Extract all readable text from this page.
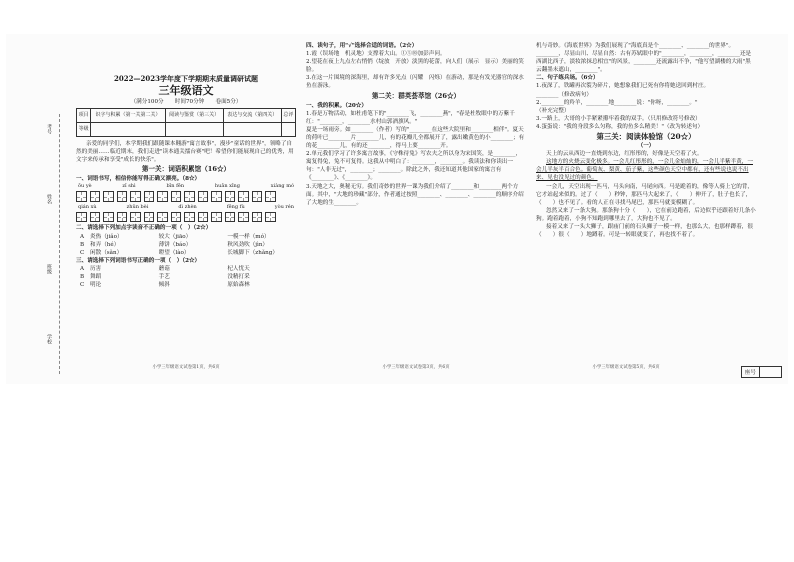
考号
姓名
班级
学校
2022—2023学年度下学期期末质量调研试题
三年级语文
（满分100分　　时间70分钟　　卷面5分）
项目	识字与积累（第一关第二关）	阅读与鉴赏（第三关）	表达与交流（第四关）	总评
等级				
亲爱的同学们，本学期我们跟随课本翱游"寓言故事"，漫步"童话的世界"，领略了自然的美丽……临近期末，我们走进"读本通关擂台赛"吧！希望你们能展现自己的优秀，用文字来传承和享受"成长的快乐"。
第一关：词语积累馆（16☆）
一、词语书写，相信你能写得正确又漂亮。（8☆）
ōu yè	zǐ shì	bīn fēn	huān xīng	xiàng mó
qián xù	zhǔn bèi	dì zhèn	fēng fù	yòu rén
二、请选择下列加点字读音不正确的一项（　）（2☆）
A	炎热（jiǎo）	较大（jiāo）	一模一样（mó）
B	和弄（hé）	薄饼（báo）	秋风劲吹（jìn）
C	闲散（sǎn）	瞪望（lào）	长城脚下（zhǎng）
三、请选择下列词语书写正确的一项（　）（2☆）
A	历害	蘑菇	杞人忧天
B	舞蹈	手艺	没精打采
C	明论	倾斜	原始森林
小学三年级语文试卷第1页，共6页
四、读句子，用"√"选择合适的词语。（2☆）
1.霞（误场地　机灵地）支撑着大山。①⑤⑩加彭声问。
2.望花在夜上九点左右悄悄（绽放　开放）淡黑的花蕾，向人们（展示　显示）美丽的笑脸。
3.在这一片围境的深海里，却有许多光点（闪耀　闪烁）在游动，那是有发光器官的深水鱼在游泳。
第二关：群英荟萃馆（26☆）
一、我的积累。（20☆）
1.春是万物活动，如杜甫笔下的"________飞，________燕"，"春是杜牧眼中的万紫千红："________，________水村山郭酒旗风。"
夏是一场雨旁。如________（作者）写的"________在这些大院里和________相伴"。夏天的荷叶已________片________儿，有的花瓣儿全都展开了，露出嫩黄色的小________；有的花________儿，有的还________，得马上要________开。
2.单元我们学习了许多寓言故事，《守株待兔》写农夫之所以身为宋国笑，是________，寓复得兔，兔不可复得。这我从中明白了：________，________。我读法和你读出一句："人非无过"，________；________。除此之外，我还知道其他国家的寓言有《________》、《________》。
3.天地之大，奥秘无穷。我们奇妙的世界一课为我们介绍了________和________两个方面。其中，"大地的珍藏"部分，作者通过按照________、________、________的顺序介绍了大地的生________。
小学三年级语文试卷第3页，共6页
机与奇妙。《海底世界》为我们展现了"海底真是个________、________的世界"。________，尽显山川、尽显自然：古有苏轼眼中的"________，________，________还是西湖比西子，淡妆浓抹总相宜"的风景，________还流露出不争，"他写望湖楼的大雨"黑云翻墨未遮山，________"。
二、句子练兵场。（6☆）
1.夜深了，铁罐再次裂为碎片，她想象我们已死有你将她送回到村庄。
________（修改病句）
2.________的羚羊，________地________说："你呀，________。"
（补充完整）
3.一路上，大哥的小手紧紧攥牢着我的双手。（只用修改符号修改）
4.蛋蛋说："我的身段多么匀称，我的鱼多么精美！"（改为转述句）
第三关：阅读体验馆（20☆）
（一）
天上的云从西边一直烧到东边，红彤彤的，好像是天空着了火。
这地方的火烧云变化极多。一会儿红彤彤的，一会儿金灿灿的，一会儿半紫半黄，一会儿半灰半百合色。葡萄灰、梨黄、茄子紫，这些颜色天空中都有，还有些说也说不出来、见也没见过的颜色。
一会儿，天空出现一匹马，马头向南，马尾向西。马是跪着的，像等人骑上它的背，它才站起来似的。过了（　　）秒钟，那匹马大起来了，（　　）伸开了，肚子也长了，（　　）也不见了。看的人正在寻找马尾巴，那匹马就变模糊了。
忽然又来了一条大狗。那条狗十分（　　），它在前边跑着，后边似乎还跟着好几条小狗。跑着跑着，小狗不知跑到哪里去了，大狗也不见了。
接着又来了一头大狮子，跟庙门前的石头狮子一模一样，也那么大，也那样蹲着，很（　　）很（　　）地蹲着。可是一转眼就变了，再也找不着了。
小学三年级语文试卷第5页，共6页
座号
